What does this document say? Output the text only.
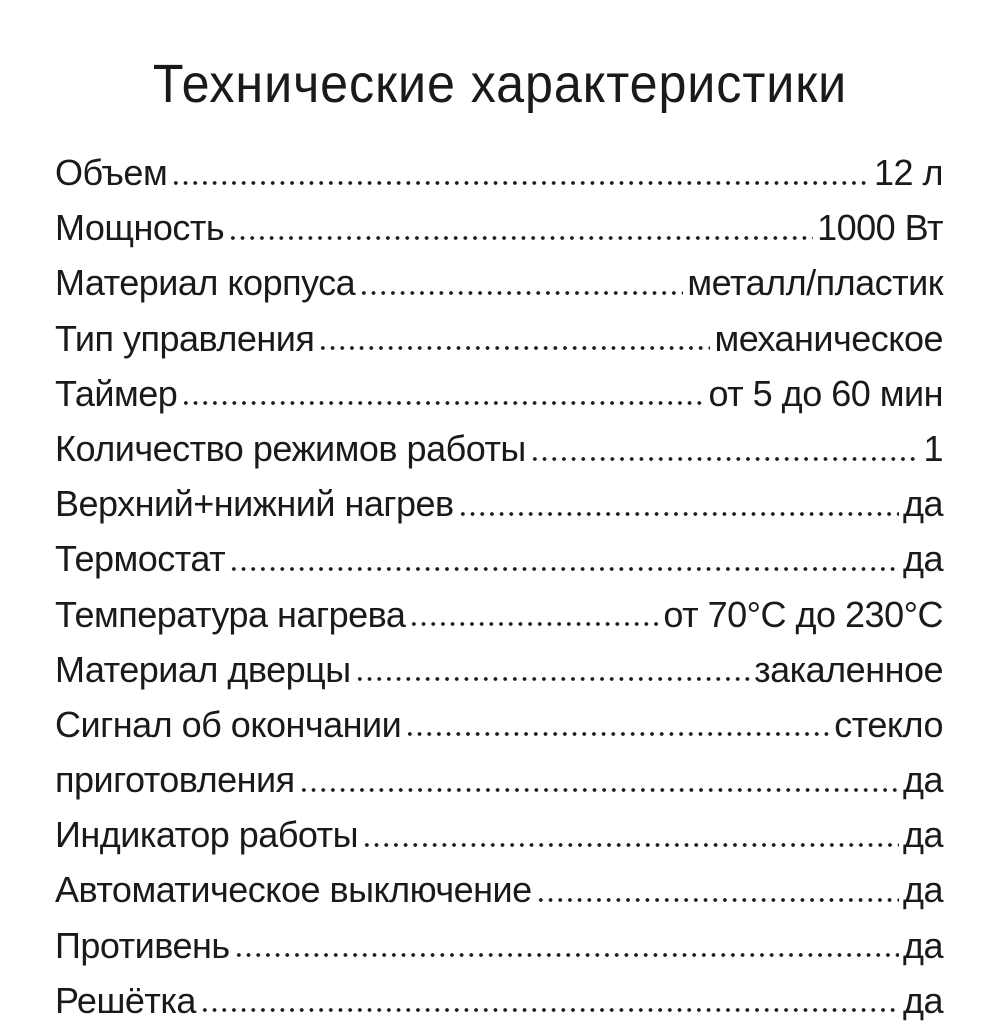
Технические характеристики
Объем	12 л
Мощность	1000 Вт
Материал корпуса	металл/пластик
Тип управления	механическое
Таймер	от 5 до 60 мин
Количество режимов работы	1
Верхний+нижний нагрев	да
Термостат	да
Температура нагрева	от 70°C до 230°C
Материал дверцы	закаленное
Сигнал об окончании	стекло
приготовления	да
Индикатор работы	да
Автоматическое выключение	да
Противень	да
Решётка	да
